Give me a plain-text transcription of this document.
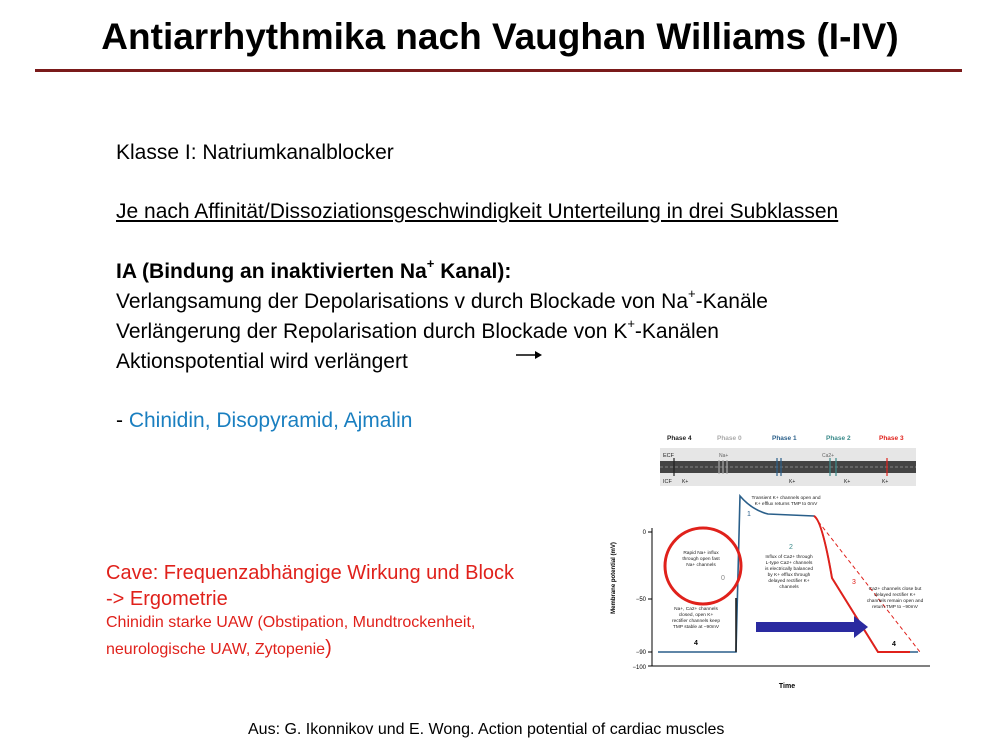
Antiarrhythmika nach Vaughan Williams (I-IV)
Klasse I: Natriumkanalblocker
Je nach Affinität/Dissoziationsgeschwindigkeit Unterteilung in drei Subklassen
IA (Bindung an inaktivierten Na+ Kanal):
Verlangsamung der Depolarisations v durch Blockade von Na+-Kanäle
Verlängerung der Repolarisation durch Blockade von K+-Kanälen
Aktionspotential wird verlängert
- Chinidin, Disopyramid, Ajmalin
Cave: Frequenzabhängige Wirkung und Block
-> Ergometrie
Chinidin starke UAW (Obstipation, Mundtrockenheit,
neurologische UAW, Zytopenie)
Phase 4	Phase 0	Phase 1	Phase 2	Phase 3
ECF
ICF
Na+	Ca2+
K+	K+	K+	K+
0
−50
−90
−100
Membrane potential (mV)
Time
1
2
3
0
4	4
Transient K+ channels open and
K+ efflux returns TMP to 0mV
Rapid Na+ influx
through open fast
Na+ channels
Influx of Ca2+ through
L-type Ca2+ channels
is electrically balanced
by K+ efflux through
delayed rectifier K+
channels	Ca2+ channels close but
delayed rectifier K+
channels remain open and
return TMP to −90mV
Na+, Ca2+ channels
closed, open K+
rectifier channels keep
TMP stable at −90mV
Aus: G. Ikonnikov und E. Wong. Action potential of cardiac muscles
